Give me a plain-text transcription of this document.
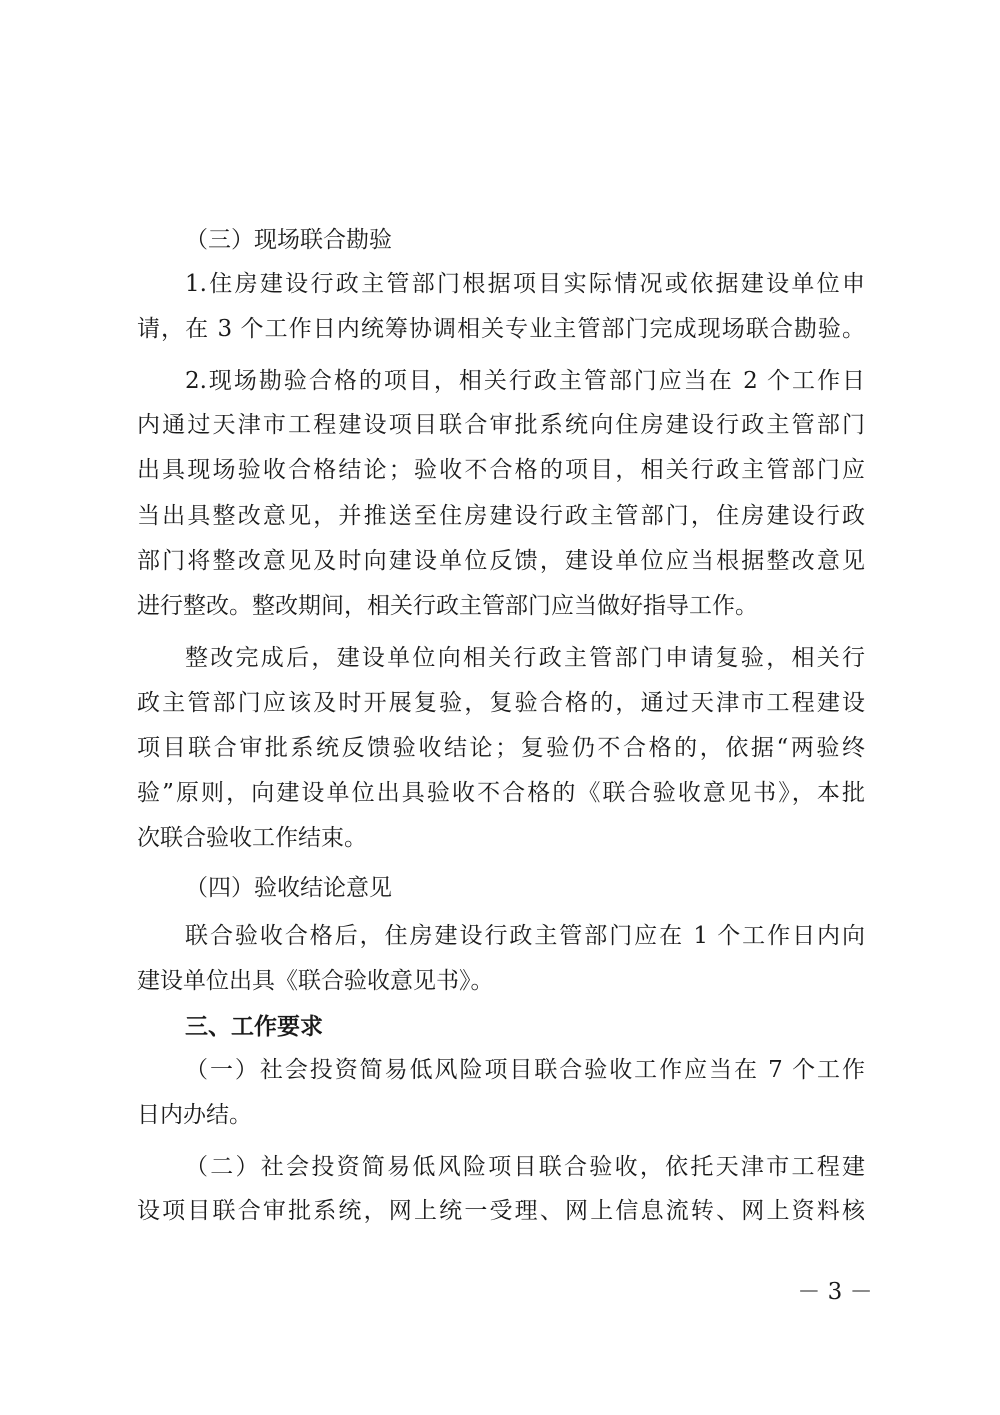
（三）现场联合勘验
1.住房建设行政主管部门根据项目实际情况或依据建设单位申
请，在 3 个工作日内统筹协调相关专业主管部门完成现场联合勘验。
2.现场勘验合格的项目，相关行政主管部门应当在 2 个工作日
内通过天津市工程建设项目联合审批系统向住房建设行政主管部门
出具现场验收合格结论；验收不合格的项目，相关行政主管部门应
当出具整改意见，并推送至住房建设行政主管部门，住房建设行政
部门将整改意见及时向建设单位反馈，建设单位应当根据整改意见
进行整改。整改期间，相关行政主管部门应当做好指导工作。
整改完成后，建设单位向相关行政主管部门申请复验，相关行
政主管部门应该及时开展复验，复验合格的，通过天津市工程建设
项目联合审批系统反馈验收结论；复验仍不合格的，依据“两验终
验”原则，向建设单位出具验收不合格的《联合验收意见书》，本批
次联合验收工作结束。
（四）验收结论意见
联合验收合格后，住房建设行政主管部门应在 1 个工作日内向
建设单位出具《联合验收意见书》。
三、工作要求
（一）社会投资简易低风险项目联合验收工作应当在 7 个工作
日内办结。
（二）社会投资简易低风险项目联合验收，依托天津市工程建
设项目联合审批系统，网上统一受理、网上信息流转、网上资料核
－ 3 －
